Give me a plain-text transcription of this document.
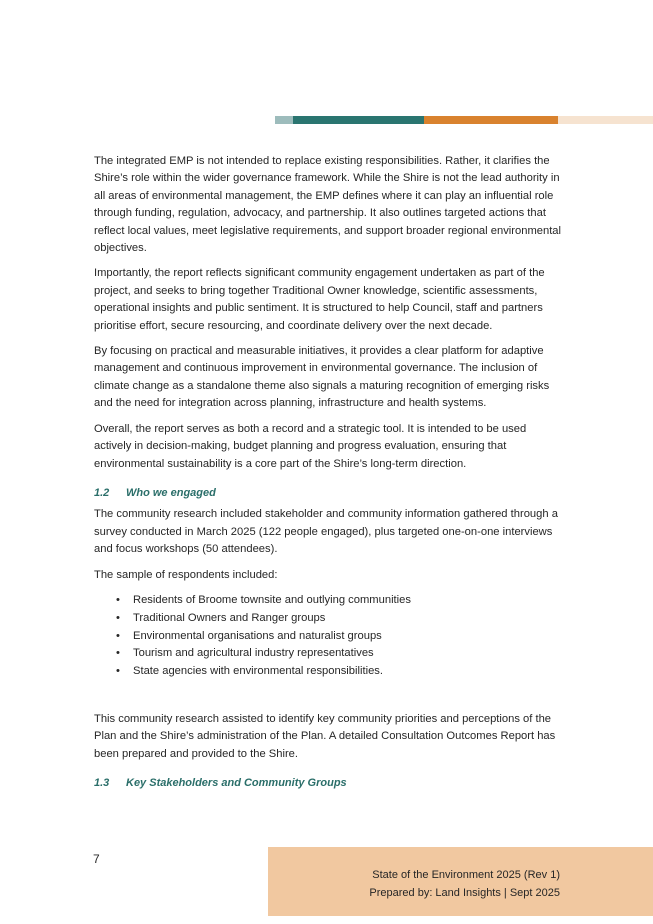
The integrated EMP is not intended to replace existing responsibilities. Rather, it clarifies the Shire’s role within the wider governance framework. While the Shire is not the lead authority in all areas of environmental management, the EMP defines where it can play an influential role through funding, regulation, advocacy, and partnership. It also outlines targeted actions that reflect local values, meet legislative requirements, and support broader regional environmental objectives.

Importantly, the report reflects significant community engagement undertaken as part of the project, and seeks to bring together Traditional Owner knowledge, scientific assessments, operational insights and public sentiment. It is structured to help Council, staff and partners prioritise effort, secure resourcing, and coordinate delivery over the next decade.

By focusing on practical and measurable initiatives, it provides a clear platform for adaptive management and continuous improvement in environmental governance. The inclusion of climate change as a standalone theme also signals a maturing recognition of emerging risks and the need for integration across planning, infrastructure and health systems.

Overall, the report serves as both a record and a strategic tool. It is intended to be used actively in decision-making, budget planning and progress evaluation, ensuring that environmental sustainability is a core part of the Shire’s long-term direction.

1.2 Who we engaged

The community research included stakeholder and community information gathered through a survey conducted in March 2025 (122 people engaged), plus targeted one-on-one interviews and focus workshops (50 attendees).

The sample of respondents included:

• Residents of Broome townsite and outlying communities
• Traditional Owners and Ranger groups
• Environmental organisations and naturalist groups
• Tourism and agricultural industry representatives
• State agencies with environmental responsibilities.

This community research assisted to identify key community priorities and perceptions of the Plan and the Shire’s administration of the Plan. A detailed Consultation Outcomes Report has been prepared and provided to the Shire.

1.3 Key Stakeholders and Community Groups
7
State of the Environment 2025 (Rev 1)
Prepared by: Land Insights | Sept 2025
